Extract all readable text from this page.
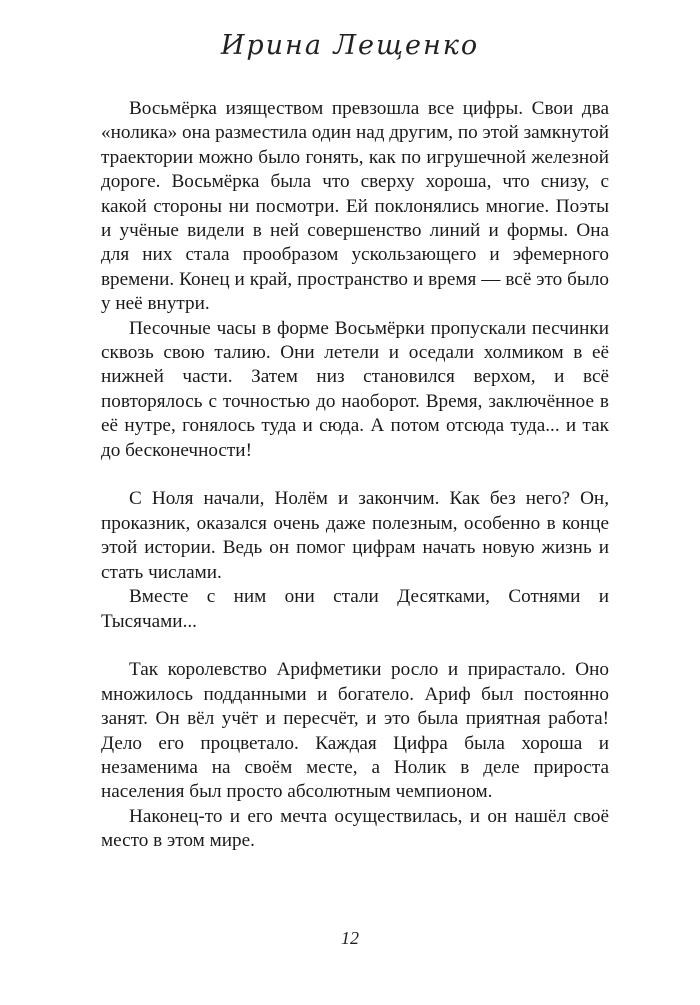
Ирина Лещенко

Восьмёрка изяществом превзошла все цифры. Свои два «нолика» она разместила один над другим, по этой замкнутой траектории можно было гонять, как по игрушечной железной дороге. Восьмёрка была что сверху хороша, что снизу, с какой стороны ни посмотри. Ей поклонялись многие. Поэты и учёные видели в ней совершенство линий и формы. Она для них стала прообразом ускользающего и эфемерного времени. Конец и край, пространство и время — всё это было у неё внутри.

Песочные часы в форме Восьмёрки пропускали песчинки сквозь свою талию. Они летели и оседали холмиком в её нижней части. Затем низ становился верхом, и всё повторялось с точностью до наоборот. Время, заключённое в её нутре, гонялось туда и сюда. А потом отсюда туда... и так до бесконечности!

С Ноля начали, Нолём и закончим. Как без него? Он, проказник, оказался очень даже полезным, особенно в конце этой истории. Ведь он помог цифрам начать новую жизнь и стать числами.

Вместе с ним они стали Десятками, Сотнями и Тысячами...

Так королевство Арифметики росло и прирастало. Оно множилось подданными и богатело. Ариф был постоянно занят. Он вёл учёт и пересчёт, и это была приятная работа! Дело его процветало. Каждая Цифра была хороша и незаменима на своём месте, а Нолик в деле прироста населения был просто абсолютным чемпионом.

Наконец-то и его мечта осуществилась, и он нашёл своё место в этом мире.

12
